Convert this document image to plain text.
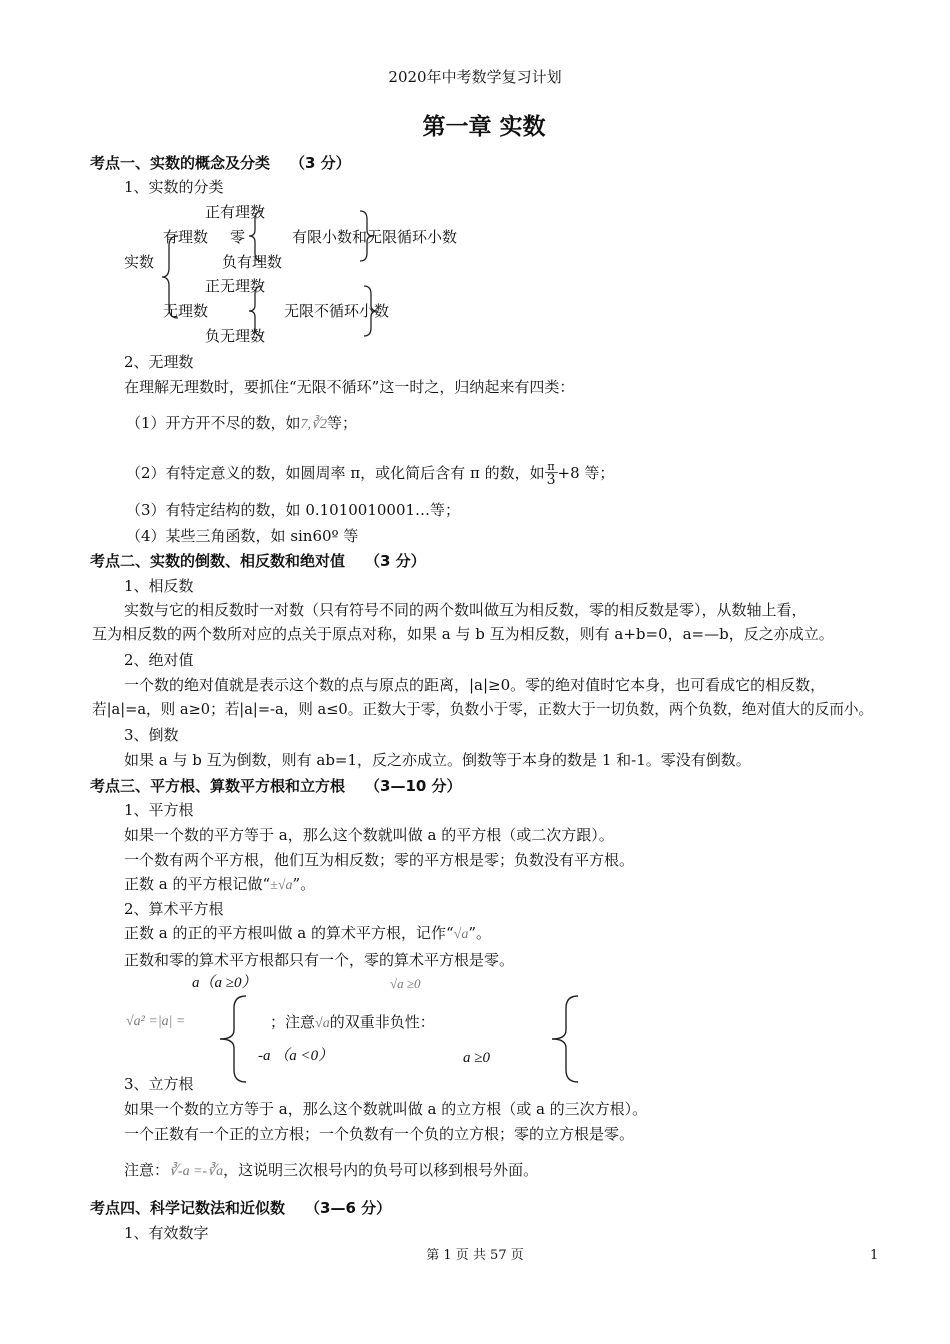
2020年中考数学复习计划
第一章 实数
考点一、实数的概念及分类 （3 分）
1、实数的分类
正有理数
有理数 零	有限小数和无限循环小数
实数	负有理数
正无理数
无理数	无限不循环小数
负无理数
2、无理数
在理解无理数时，要抓住“无限不循环”这一时之，归纳起来有四类：
（1）开方开不尽的数，如7,∛2等；
（2）有特定意义的数，如圆周率 π，或化简后含有 π 的数，如 $\frac{\pi}{3} +8$ 等；
（3）有特定结构的数，如 0.1010010001…等；
（4）某些三角函数，如 sin60º 等
考点二、实数的倒数、相反数和绝对值 （3 分）
1、相反数
实数与它的相反数时一对数（只有符号不同的两个数叫做互为相反数，零的相反数是零），从数轴上看，
互为相反数的两个数所对应的点关于原点对称，如果 a 与 b 互为相反数，则有 a+b=0，a=—b，反之亦成立。
2、绝对值
一个数的绝对值就是表示这个数的点与原点的距离，|a|≥0。零的绝对值时它本身，也可看成它的相反数，
若|a|=a，则 a≥0；若|a|=-a，则 a≤0。正数大于零，负数小于零，正数大于一切负数，两个负数，绝对值大的反而小。
3、倒数
如果 a 与 b 互为倒数，则有 ab=1，反之亦成立。倒数等于本身的数是 1 和-1。零没有倒数。
考点三、平方根、算数平方根和立方根 （3—10 分）
1、平方根
如果一个数的平方等于 a，那么这个数就叫做 a 的平方根（或二次方跟）。
一个数有两个平方根，他们互为相反数；零的平方根是零；负数没有平方根。
正数 a 的平方根记做“±√a”。
2、算术平方根
正数 a 的正的平方根叫做 a 的算术平方根，记作“√a”。
正数和零的算术平方根都只有一个，零的算术平方根是零。
a（a ≥0）	√a ≥0
√a² =|a| =	；注意√a的双重非负性：
-a （a <0）	a ≥0
3、立方根
如果一个数的立方等于 a，那么这个数就叫做 a 的立方根（或 a 的三次方根）。
一个正数有一个正的立方根；一个负数有一个负的立方根；零的立方根是零。
注意：∛-a =-∛a，这说明三次根号内的负号可以移到根号外面。
考点四、科学记数法和近似数 （3—6 分）
1、有效数字
第 1 页 共 57 页	1
